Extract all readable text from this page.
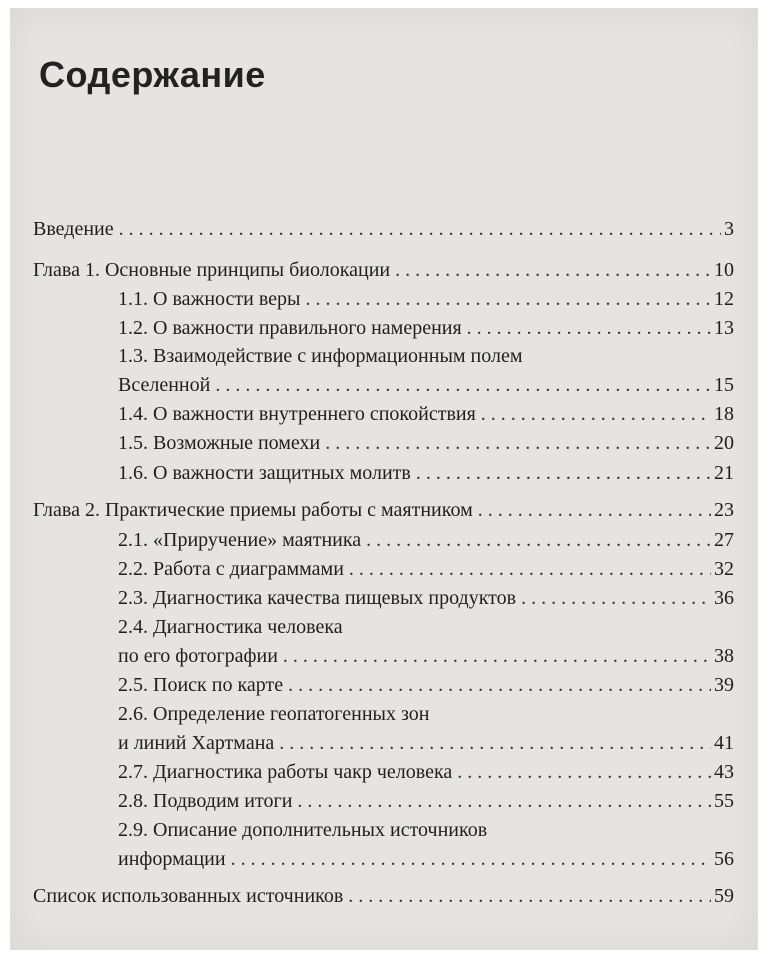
Содержание
Введение . . .	3
Глава 1. Основные принципы биолокации . . .	10
1.1. О важности веры . . .	12
1.2. О важности правильного намерения . . .	13
1.3. Взаимодействие с информационным полем
Вселенной . . .	15
1.4. О важности внутреннего спокойствия . . .	18
1.5. Возможные помехи . . .	20
1.6. О важности защитных молитв . . .	21
Глава 2. Практические приемы работы с маятником . . .	23
2.1. «Приручение» маятника . . .	27
2.2. Работа с диаграммами . . .	32
2.3. Диагностика качества пищевых продуктов . . .	36
2.4. Диагностика человека
по его фотографии . . .	38
2.5. Поиск по карте . . .	39
2.6. Определение геопатогенных зон
и линий Хартмана . . .	41
2.7. Диагностика работы чакр человека . . .	43
2.8. Подводим итоги . . .	55
2.9. Описание дополнительных источников
информации . . .	56
Список использованных источников . . .	59
